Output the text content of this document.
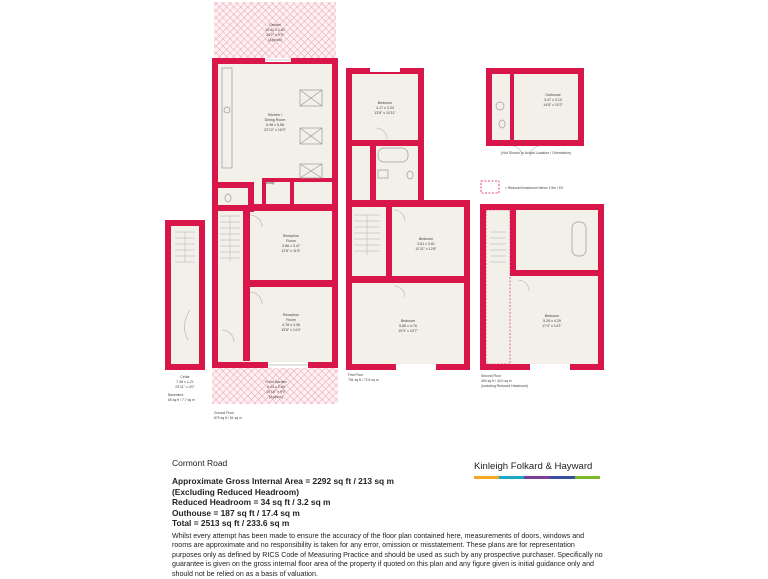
Cellar
7.36 x 1.21
23'11" x 4'0"
Basement
65 sq ft / 7.7 sq m
Garden
10.42 x 2.82
34'2" x 9'3"
(Approx)
Kitchen /
Dining Room
6.98 x 5.58
22'10" x 18'3"
Utility
Reception
Room
3.86 x 3.47
12'8" x 11'5"
Reception
Room
4.78 x 4.36
15'8" x 14'4"
Front Garden
6.04 x 2.85
19'10" x 9'5"
(Approx)
Ground Floor
879 sq ft / 81 sq m
Bedroom
4.17 x 3.34
13'8" x 10'11"
Bedroom
3.61 x 3.81
12'11" x 12'6"
Bedroom
5.86 x 4.76
19'3" x 15'7"
First Floor
781 sq ft / 72.6 sq m
Outhouse
4.47 x 3.10
14'8" x 10'2"
(Not Shown In Actual Location / Orientation)
= Reduced headroom below 1.5m / 5'0
Bedroom
5.29 x 4.29
17'4" x 14'1"
Second Floor
463 sq ft / 44.0 sq m
(Including Reduced Headroom)
Cormont Road
Approximate Gross Internal Area = 2292 sq ft / 213 sq m
(Excluding Reduced Headroom)
Reduced Headroom = 34 sq ft / 3.2 sq m
Outhouse = 187 sq ft / 17.4 sq m
Total = 2513 sq ft / 233.6 sq m
Whilst every attempt has been made to ensure the accuracy of the floor plan contained here, measurements of doors, windows and rooms are approximate and no responsibility is taken for any error, omission or misstatement. These plans are for representation purposes only as defined by RICS Code of Measuring Practice and should be used as such by any prospective purchaser. Specifically no guarantee is given on the gross internal floor area of the property if quoted on this plan and any figure given is initial guidance only and should not be relied on as a basis of valuation.
Kinleigh Folkard & Hayward
